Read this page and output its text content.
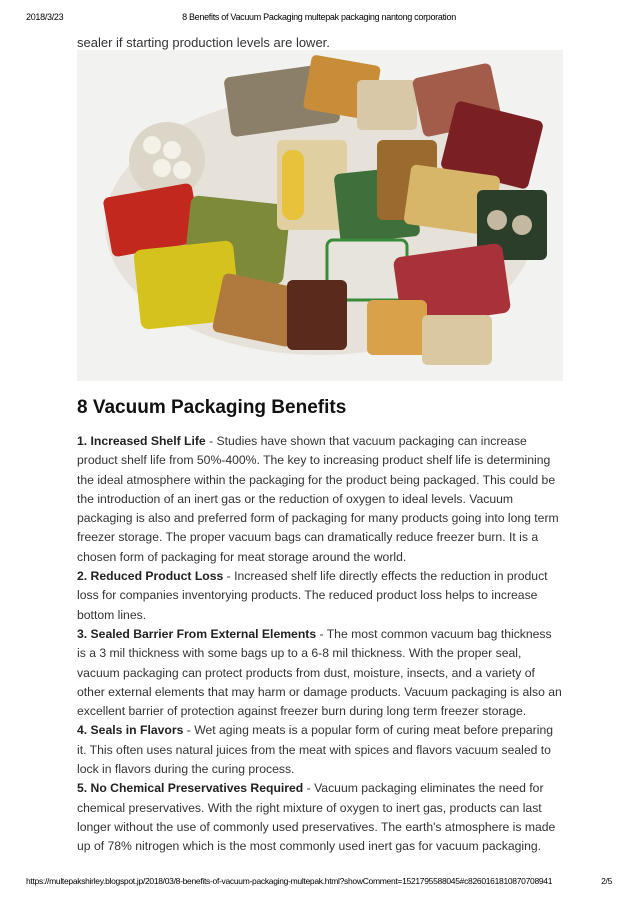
2018/3/23	8 Benefits of Vacuum Packaging multepak packaging nantong corporation

sealer if starting production levels are lower.

8 Vacuum Packaging Benefits

1. Increased Shelf Life - Studies have shown that vacuum packaging can increase product shelf life from 50%-400%. The key to increasing product shelf life is determining the ideal atmosphere within the packaging for the product being packaged. This could be the introduction of an inert gas or the reduction of oxygen to ideal levels. Vacuum packaging is also and preferred form of packaging for many products going into long term freezer storage. The proper vacuum bags can dramatically reduce freezer burn. It is a chosen form of packaging for meat storage around the world.

2. Reduced Product Loss - Increased shelf life directly effects the reduction in product loss for companies inventorying products. The reduced product loss helps to increase bottom lines.

3. Sealed Barrier From External Elements - The most common vacuum bag thickness is a 3 mil thickness with some bags up to a 6-8 mil thickness. With the proper seal, vacuum packaging can protect products from dust, moisture, insects, and a variety of other external elements that may harm or damage products. Vacuum packaging is also an excellent barrier of protection against freezer burn during long term freezer storage.

4. Seals in Flavors - Wet aging meats is a popular form of curing meat before preparing it. This often uses natural juices from the meat with spices and flavors vacuum sealed to lock in flavors during the curing process.

5. No Chemical Preservatives Required - Vacuum packaging eliminates the need for chemical preservatives. With the right mixture of oxygen to inert gas, products can last longer without the use of commonly used preservatives. The earth's atmosphere is made up of 78% nitrogen which is the most commonly used inert gas for vacuum packaging.

https://multepakshirley.blogspot.jp/2018/03/8-benefits-of-vacuum-packaging-multepak.html?showComment=1521795588045#c8260161810870708941	2/5
